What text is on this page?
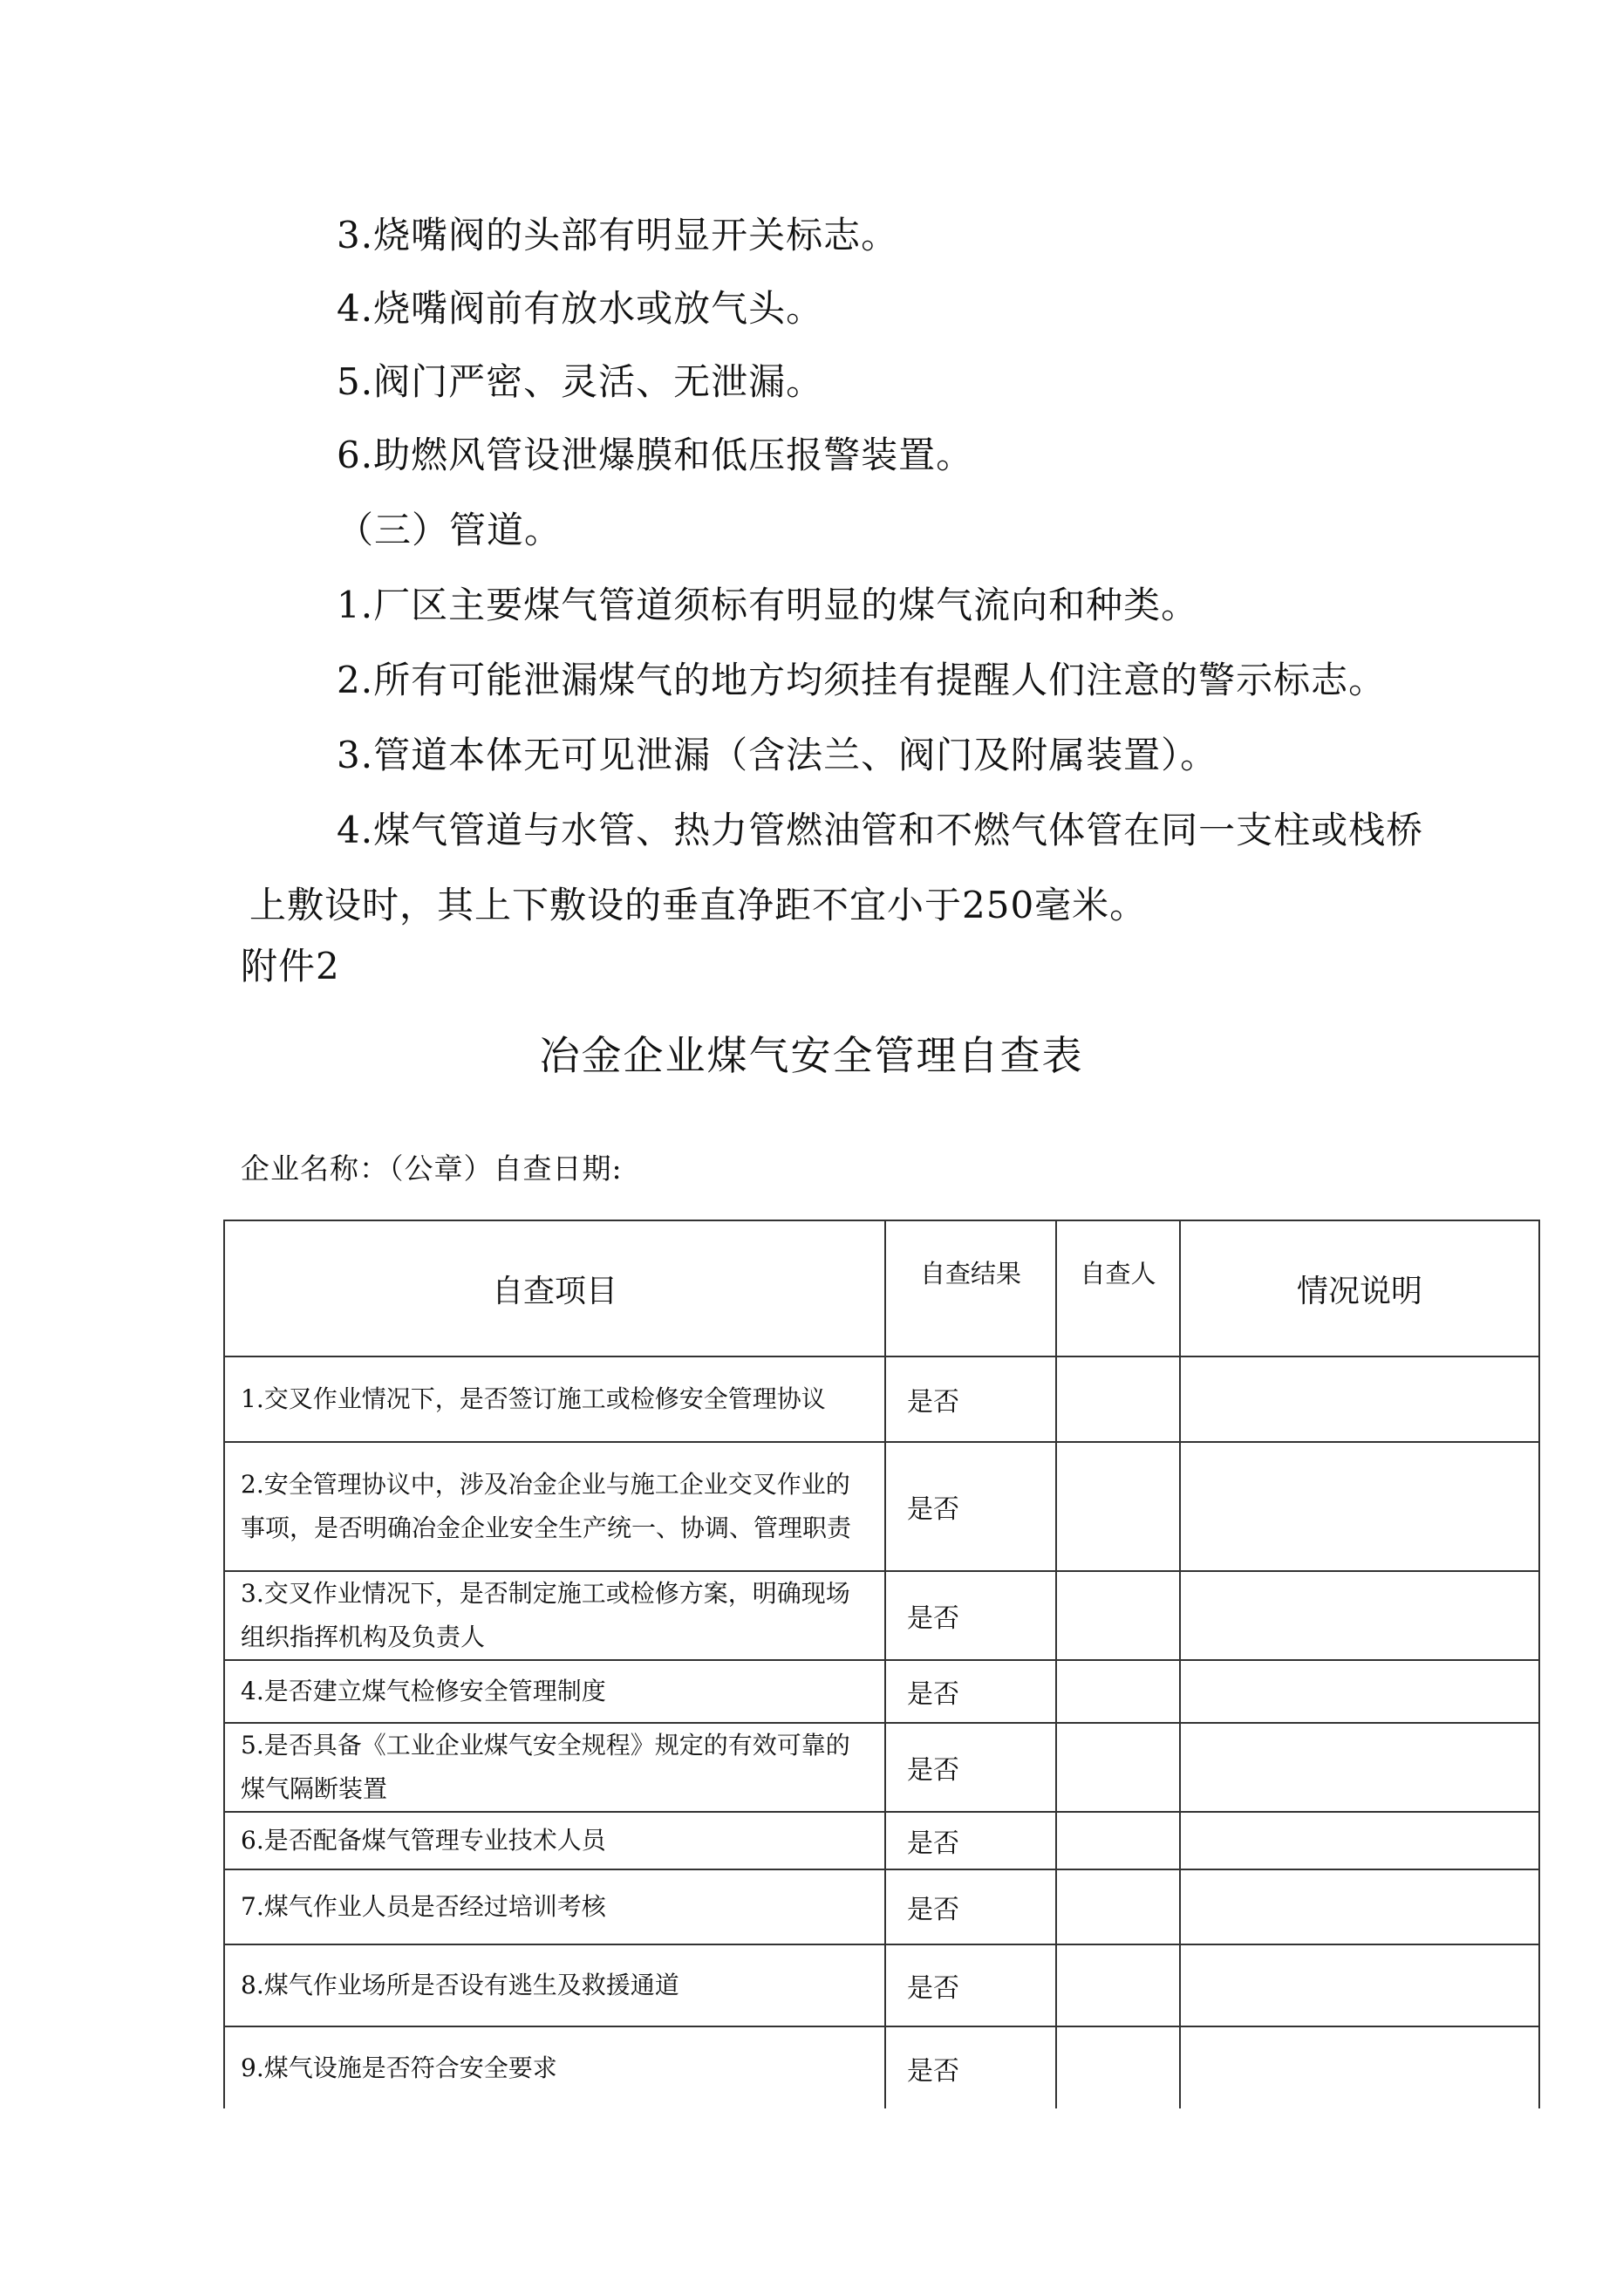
3.烧嘴阀的头部有明显开关标志。
4.烧嘴阀前有放水或放气头。
5.阀门严密、灵活、无泄漏。
6.助燃风管设泄爆膜和低压报警装置。
（三）管道。
1.厂区主要煤气管道须标有明显的煤气流向和种类。
2.所有可能泄漏煤气的地方均须挂有提醒人们注意的警示标志。
3.管道本体无可见泄漏（含法兰、阀门及附属装置）。
4.煤气管道与水管、热力管燃油管和不燃气体管在同一支柱或栈桥
上敷设时，其上下敷设的垂直净距不宜小于250毫米。
附件2
冶金企业煤气安全管理自查表
企业名称：（公章）自查日期:
自查项目	自查结果	自查人	情况说明
1.交叉作业情况下，是否签订施工或检修安全管理协议	是否		
2.安全管理协议中，涉及冶金企业与施工企业交叉作业的事项，是否明确冶金企业安全生产统一、协调、管理职责	是否		
3.交叉作业情况下，是否制定施工或检修方案，明确现场组织指挥机构及负责人	是否		
4.是否建立煤气检修安全管理制度	是否		
5.是否具备《工业企业煤气安全规程》规定的有效可靠的煤气隔断装置	是否		
6.是否配备煤气管理专业技术人员	是否		
7.煤气作业人员是否经过培训考核	是否		
8.煤气作业场所是否设有逃生及救援通道	是否		
9.煤气设施是否符合安全要求	是否		
